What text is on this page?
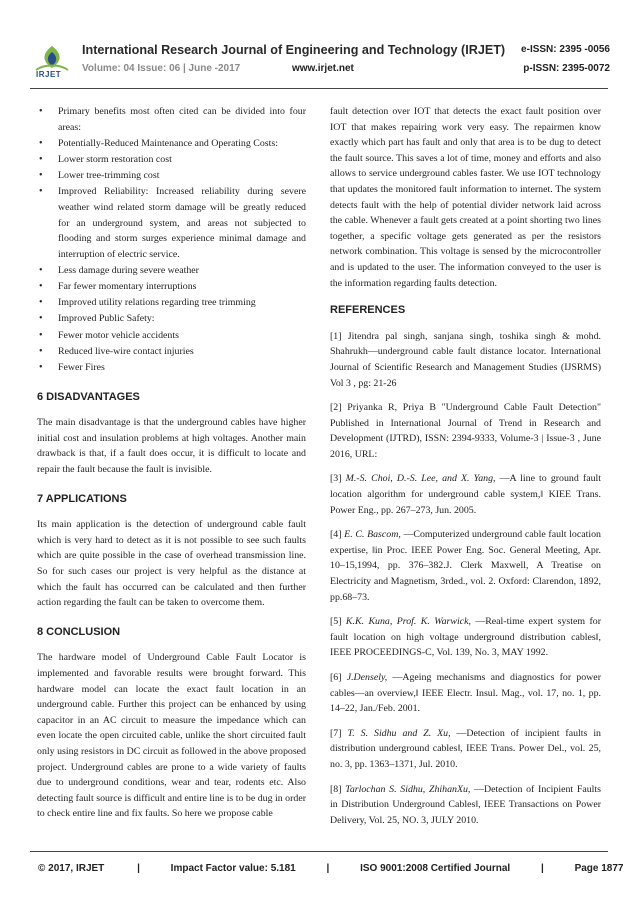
IRJET
International Research Journal of Engineering and Technology (IRJET) e-ISSN: 2395 -0056
Volume: 04 Issue: 06 | June -2017	www.irjet.net	p-ISSN: 2395-0072
• Primary benefits most often cited can be divided into four areas:
• Potentially-Reduced Maintenance and Operating Costs:
• Lower storm restoration cost
• Lower tree-trimming cost
• Improved Reliability: Increased reliability during severe weather wind related storm damage will be greatly reduced for an underground system, and areas not subjected to flooding and storm surges experience minimal damage and interruption of electric service.
• Less damage during severe weather
• Far fewer momentary interruptions
• Improved utility relations regarding tree trimming
• Improved Public Safety:
• Fewer motor vehicle accidents
• Reduced live-wire contact injuries
• Fewer Fires
6 DISADVANTAGES

The main disadvantage is that the underground cables have higher initial cost and insulation problems at high voltages. Another main drawback is that, if a fault does occur, it is difficult to locate and repair the fault because the fault is invisible.

7 APPLICATIONS

Its main application is the detection of underground cable fault which is very hard to detect as it is not possible to see such faults which are quite possible in the case of overhead transmission line. So for such cases our project is very helpful as the distance at which the fault has occurred can be calculated and then further action regarding the fault can be taken to overcome them.

8 CONCLUSION

The hardware model of Underground Cable Fault Locator is implemented and favorable results were brought forward. This hardware model can locate the exact fault location in an underground cable. Further this project can be enhanced by using capacitor in an AC circuit to measure the impedance which can even locate the open circuited cable, unlike the short circuited fault only using resistors in DC circuit as followed in the above proposed project. Underground cables are prone to a wide variety of faults due to underground conditions, wear and tear, rodents etc. Also detecting fault source is difficult and entire line is to be dug in order to check entire line and fix faults. So here we propose cable

fault detection over IOT that detects the exact fault position over IOT that makes repairing work very easy. The repairmen know exactly which part has fault and only that area is to be dug to detect the fault source. This saves a lot of time, money and efforts and also allows to service underground cables faster. We use IOT technology that updates the monitored fault information to internet. The system detects fault with the help of potential divider network laid across the cable. Whenever a fault gets created at a point shorting two lines together, a specific voltage gets generated as per the resistors network combination. This voltage is sensed by the microcontroller and is updated to the user. The information conveyed to the user is the information regarding faults detection.

REFERENCES

[1] Jitendra pal singh, sanjana singh, toshika singh & mohd. Shahrukh—underground cable fault distance locator. International Journal of Scientific Research and Management Studies (IJSRMS) Vol 3 , pg: 21-26

[2] Priyanka R, Priya B "Underground Cable Fault Detection" Published in International Journal of Trend in Research and Development (IJTRD), ISSN: 2394-9333, Volume-3 | Issue-3 , June 2016, URL:

[3] M.-S. Choi, D.-S. Lee, and X. Yang, —A line to ground fault location algorithm for underground cable system,‖ KIEE Trans. Power Eng., pp. 267–273, Jun. 2005.

[4] E. C. Bascom, —Computerized underground cable fault location expertise, ‖in Proc. IEEE Power Eng. Soc. General Meeting, Apr. 10–15,1994, pp. 376–382.J. Clerk Maxwell, A Treatise on Electricity and Magnetism, 3rded., vol. 2. Oxford: Clarendon, 1892, pp.68–73.

[5] K.K. Kuna, Prof. K. Warwick, —Real-time expert system for fault location on high voltage underground distribution cables‖, IEEE PROCEEDINGS-C, Vol. 139, No. 3, MAY 1992.

[6] J.Densely, —Ageing mechanisms and diagnostics for power cables—an overview,‖ IEEE Electr. Insul. Mag., vol. 17, no. 1, pp. 14–22, Jan./Feb. 2001.

[7] T. S. Sidhu and Z. Xu, —Detection of incipient faults in distribution underground cables‖, IEEE Trans. Power Del., vol. 25, no. 3, pp. 1363–1371, Jul. 2010.

[8] Tarlochan S. Sidhu, ZhihanXu, —Detection of Incipient Faults in Distribution Underground Cables‖, IEEE Transactions on Power Delivery, Vol. 25, NO. 3, JULY 2010.

© 2017, IRJET	|	Impact Factor value: 5.181	|	ISO 9001:2008 Certified Journal	|	Page 1877
